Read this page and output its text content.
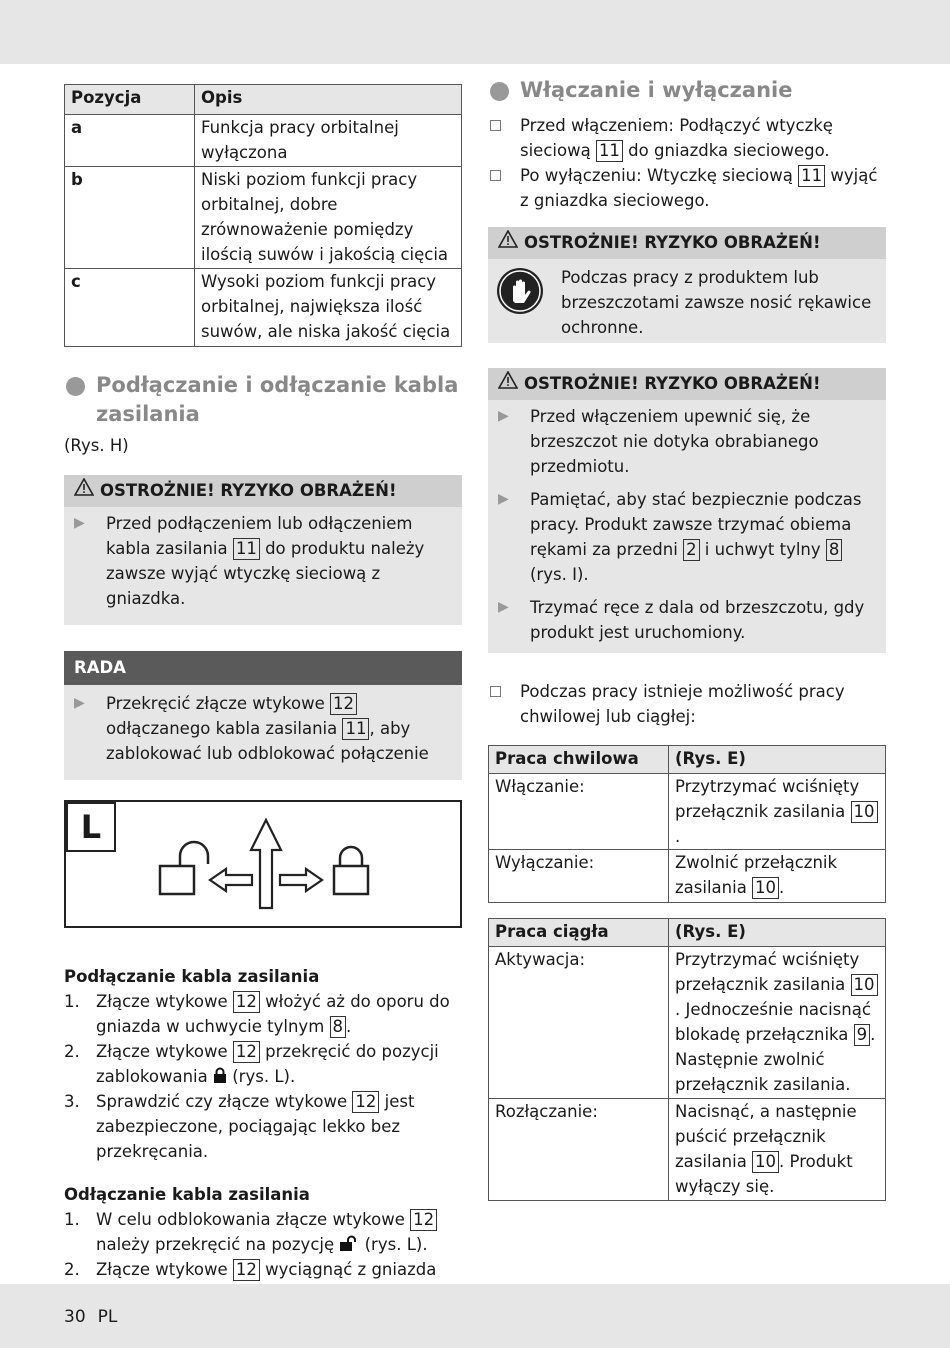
Pozycja	Opis
a	Funkcja pracy orbitalnej wyłączona
b	Niski poziom funkcji pracy orbitalnej, dobre zrównoważenie pomiędzy ilością suwów i jakością cięcia
c	Wysoki poziom funkcji pracy orbitalnej, największa ilość suwów, ale niska jakość cięcia
Podłączanie i odłączanie kabla zasilania
(Rys. H)
OSTROŻNIE! RYZYKO OBRAŻEŃ!
▶ Przed podłączeniem lub odłączeniem kabla zasilania 11 do produktu należy zawsze wyjąć wtyczkę sieciową z gniazdka.
RADA
▶ Przekręcić złącze wtykowe 12 odłączanego kabla zasilania 11 , aby zablokować lub odblokować połączenie
L
Podłączanie kabla zasilania
1. Złącze wtykowe 12 włożyć aż do oporu do gniazda w uchwycie tylnym 8 .
2. Złącze wtykowe 12 przekręcić do pozycji zablokowania  (rys. L).
3. Sprawdzić czy złącze wtykowe 12 jest zabezpieczone, pociągając lekko bez przekręcania.
Odłączanie kabla zasilania
1. W celu odblokowania złącze wtykowe 12 należy przekręcić na pozycję  (rys. L).
2. Złącze wtykowe 12 wyciągnąć z gniazda
Włączanie i wyłączanie
Przed włączeniem: Podłączyć wtyczkę sieciową 11 do gniazdka sieciowego.
Po wyłączeniu: Wtyczkę sieciową 11 wyjąć z gniazdka sieciowego.
OSTROŻNIE! RYZYKO OBRAŻEŃ!
Podczas pracy z produktem lub brzeszczotami zawsze nosić rękawice ochronne.
OSTROŻNIE! RYZYKO OBRAŻEŃ!
▶ Przed włączeniem upewnić się, że brzeszczot nie dotyka obrabianego przedmiotu.
▶ Pamiętać, aby stać bezpiecznie podczas pracy. Produkt zawsze trzymać obiema rękami za przedni 2 i uchwyt tylny 8 (rys. I).
▶ Trzymać ręce z dala od brzeszczotu, gdy produkt jest uruchomiony.
Podczas pracy istnieje możliwość pracy chwilowej lub ciągłej:
Praca chwilowa	(Rys. E)
Włączanie:	Przytrzymać wciśnięty przełącznik zasilania 10.
Wyłączanie:	Zwolnić przełącznik zasilania 10 .
Praca ciągła	(Rys. E)
Aktywacja:	Przytrzymać wciśnięty przełącznik zasilania 10. Jednocześnie nacisnąć blokadę przełącznika 9 . Następnie zwolnić przełącznik zasilania.
Rozłączanie:	Nacisnąć, a następnie puścić przełącznik zasilania 10 . Produkt wyłączy się.
30 PL
